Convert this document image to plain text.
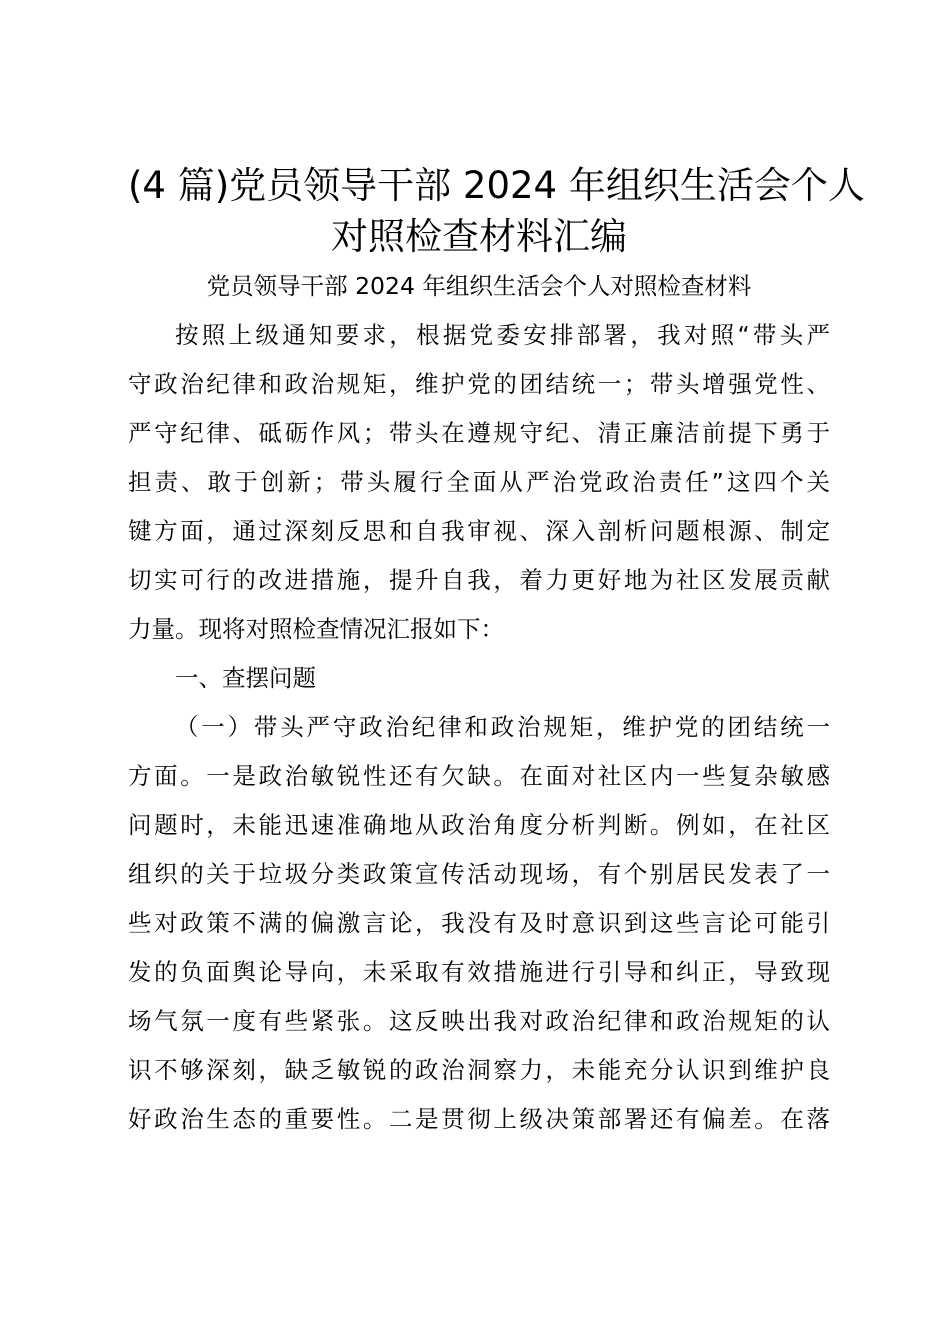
(4 篇)党员领导干部 2024 年组织生活会个人
对照检查材料汇编

党员领导干部 2024 年组织生活会个人对照检查材料

按照上级通知要求，根据党委安排部署，我对照“带头严
守政治纪律和政治规矩，维护党的团结统一；带头增强党性、
严守纪律、砥砺作风；带头在遵规守纪、清正廉洁前提下勇于
担责、敢于创新；带头履行全面从严治党政治责任”这四个关
键方面，通过深刻反思和自我审视、深入剖析问题根源、制定
切实可行的改进措施，提升自我，着力更好地为社区发展贡献
力量。现将对照检查情况汇报如下：

一、查摆问题

（一）带头严守政治纪律和政治规矩，维护党的团结统一
方面。一是政治敏锐性还有欠缺。在面对社区内一些复杂敏感
问题时，未能迅速准确地从政治角度分析判断。例如，在社区
组织的关于垃圾分类政策宣传活动现场，有个别居民发表了一
些对政策不满的偏激言论，我没有及时意识到这些言论可能引
发的负面舆论导向，未采取有效措施进行引导和纠正，导致现
场气氛一度有些紧张。这反映出我对政治纪律和政治规矩的认
识不够深刻，缺乏敏锐的政治洞察力，未能充分认识到维护良
好政治生态的重要性。二是贯彻上级决策部署还有偏差。在落
